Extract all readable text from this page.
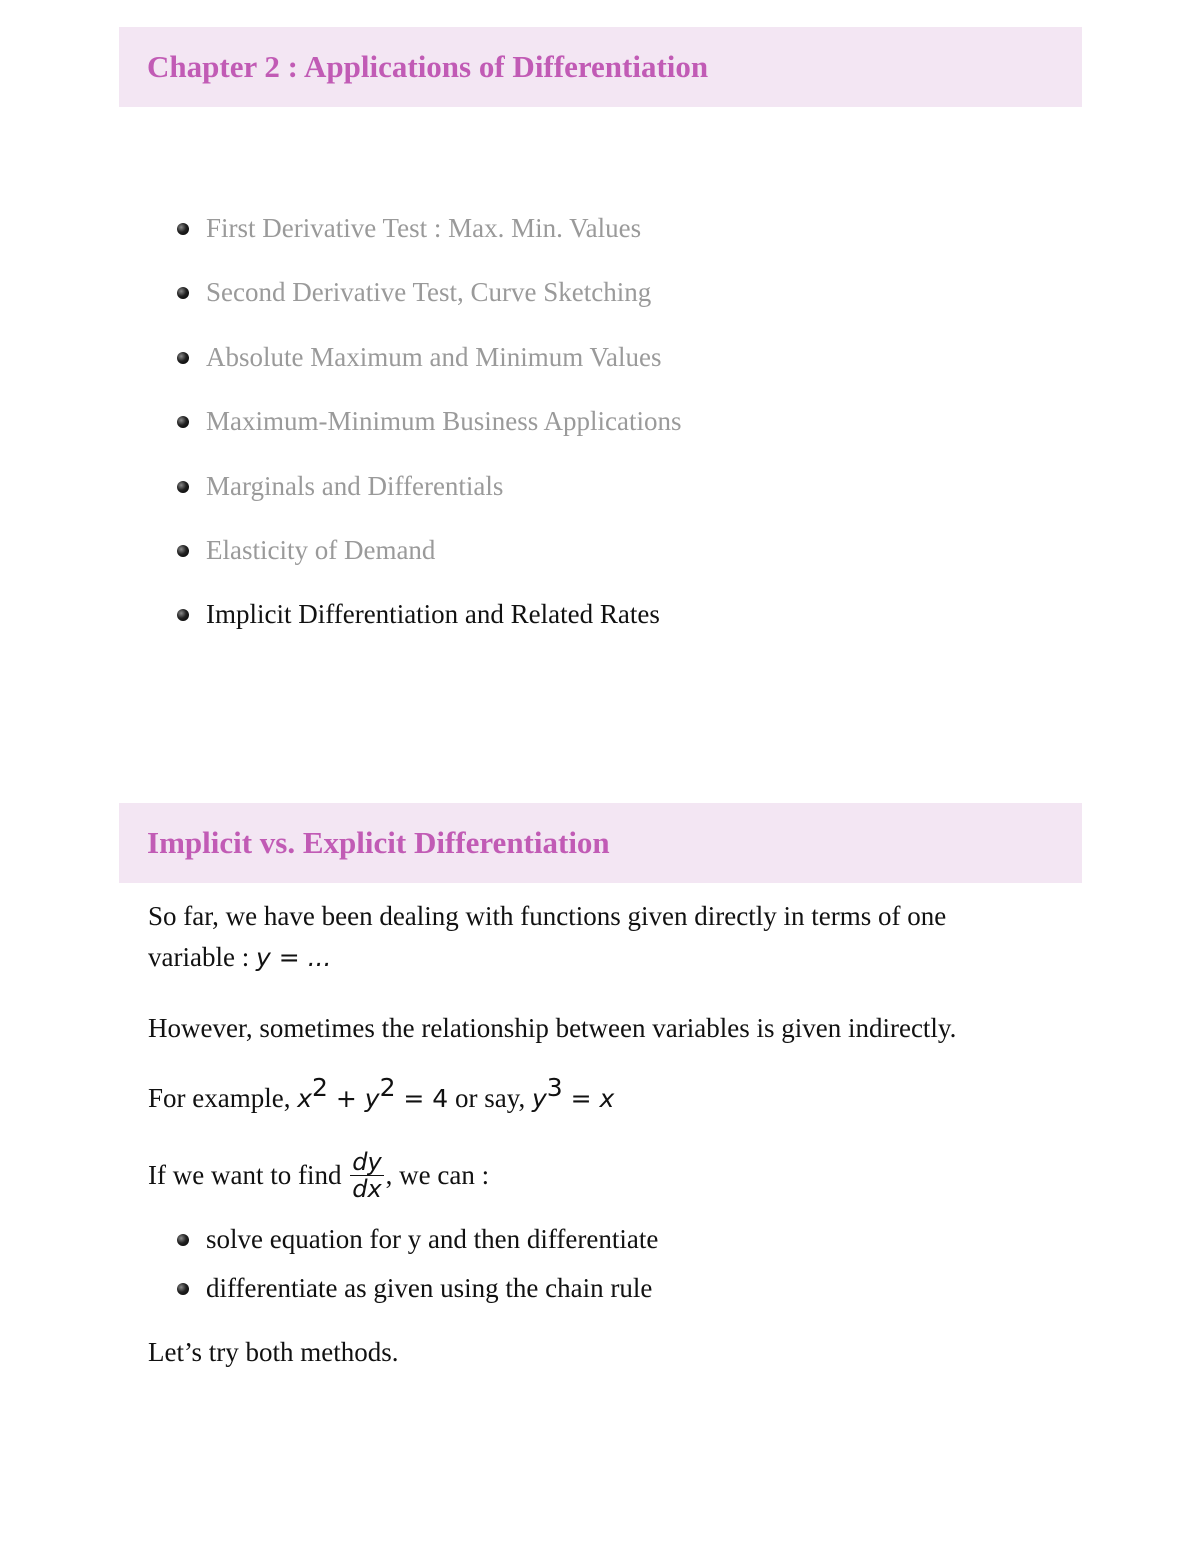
Chapter 2 : Applications of Differentiation
First Derivative Test : Max. Min. Values
Second Derivative Test, Curve Sketching
Absolute Maximum and Minimum Values
Maximum-Minimum Business Applications
Marginals and Differentials
Elasticity of Demand
Implicit Differentiation and Related Rates
Implicit vs. Explicit Differentiation

So far, we have been dealing with functions given directly in terms of one

variable : y = ...

However, sometimes the relationship between variables is given indirectly.

For example, $x^2 + y^2 = 4$ or say, $y^3 = x$

If we want to find $\frac{dy}{dx}$ , we can :

solve equation for y and then differentiate
differentiate as given using the chain rule

Let’s try both methods.
